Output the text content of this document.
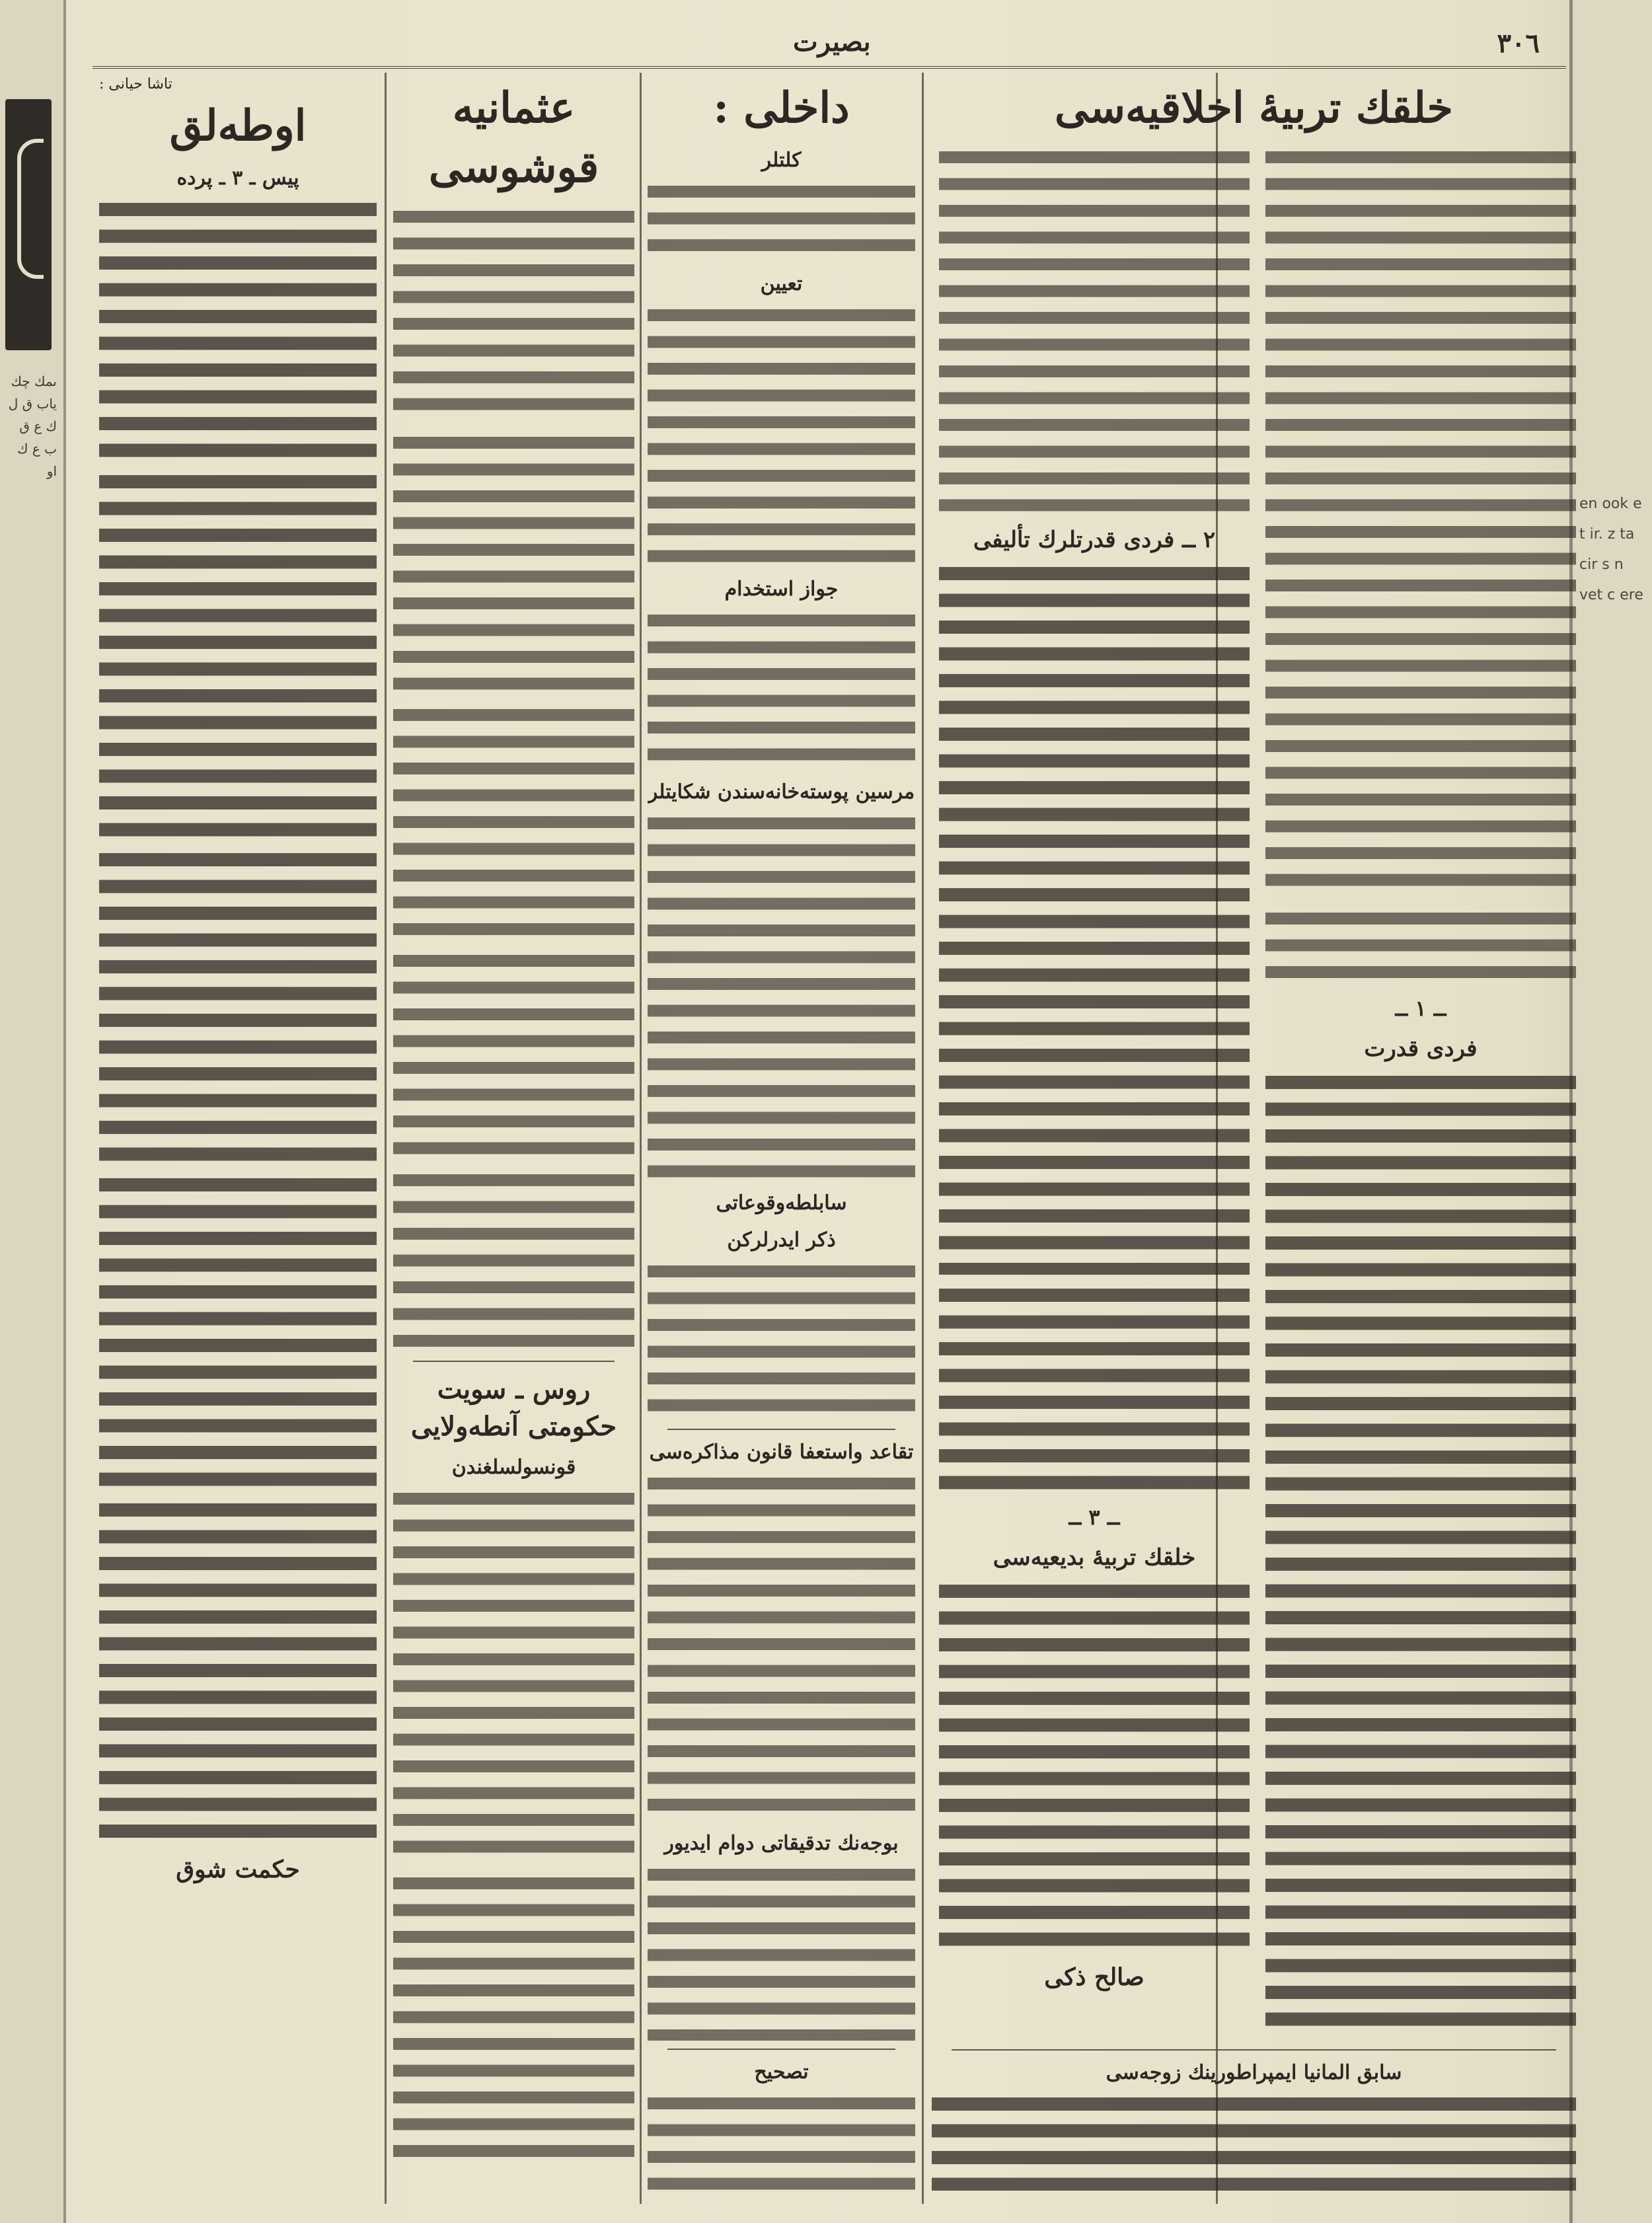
ىمك چك ياب ق ل ك ع ق ب ع ك او
en ook e t ir. z ta cir s n vet c ere
٣٠٦
بصيرت
خلقك تربيهٔ اخلاقيه‌سى

ــ ١ ــ
فردى قدرت

٢ ــ فردى قدرتلرك تأليفى

ــ ٣ ــ
خلقك تربيهٔ بديعيه‌سى

صالح ذكى
سابق المانيا ايمپراطورينك زوجه‌سى

داخلى :
كلتلر

تعيين

جواز استخدام

مرسين پوسته‌خانه‌سندن شكايتلر

سابلطه‌وقوعاتى
ذكر ايدرلركن

تقاعد واستعفا قانون مذاكره‌سى

بوجه‌نك تدقيقاتى دوام ايديور

تصحيح

عثمانيه قوشوسى

روس ـ سويت حكومتى آنطه‌ولايى
قونسولسلغندن

تاشا حيانى :
اوطه‌لق
پيس ـ ٣ ـ پرده

حكمت شوق
